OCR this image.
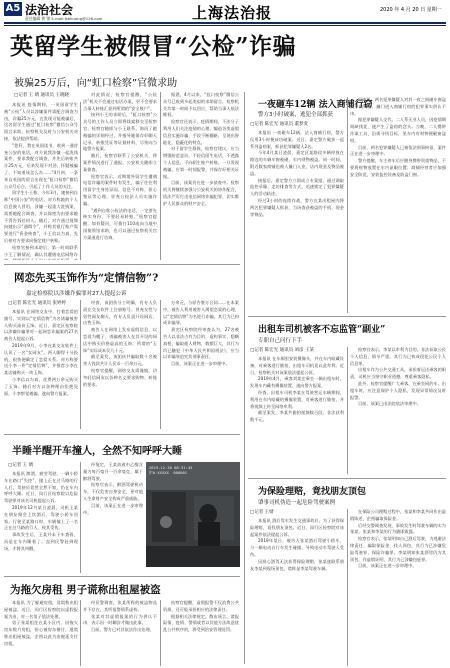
A5 法治社会
责任编辑 黄 锦 E-mail:lsbhuang@126.com	上海法治报	2020 年 4 月 20 日 星期一
英留学生被假冒“公检”诈骗
被骗25万后，向“虹口检察”官微求助
□记者 王 婧 通讯员 王晓晓

本报讯 疫情期间，一英国留学生被“公检”人员以涉嫌案件需配合调查为由，诈骗25万元，在发现可能被骗后，这名留学生通过“虹口检察”微信公众号留言求助，检察机关及时与公安机关对接，依法提供帮助。

“您好，我在英国读书，收到一通冒充公安的电话，对方说我涉嫌一起洗钱案件，要求我配合调查，并先后转账共计25万元，后来发现不对劲，怀疑被骗了，不知道该怎么办……”4月初，一条来自英国的留言出现在“虹口检察”微信公众号后台，引起了工作人员的关注。

留学生小王称，今年3月，她接到自称“中国公安”的电话，对方称她的个人信息被人冒用，涉嫌一起重大洗钱案，需要她配合调查，并以保密为由要求她不得告诉任何人。随后，对方通过视频向她出示“通缉令”，并称其银行账户需要进行“资金核查”，小王信以为真，先后按对方要求向指定账户转账。

检察官接到求助后，第一时间联系小王了解情况，确认其遭遇电信网络诈

对此情况，检察官提醒，“公检法”机关不会通过电话办案，更不会要求当事人转账汇款到所谓的“安全账户”。

接到小王的求助后，“虹口检察”公众号的工作人员立即将线索移交至检察官，检察官随即与小王联系，询问了她被骗的详细经过，并指导她保存好聊天记录、转账凭证等证据材料，尽快向当地警方报案。

随后，检察官联系了公安机关，将案件情况进行了通报。公安机关随即立案侦查。

检察官表示，近期境外留学生遭遇电信诈骗的案件时有发生，骗子往往利用留学生身处异国、信息不对称、担心签证等心理，冒充公检法人员实施诈骗。

“遇到自称公检法的电话，一定要先核实身份，不要轻易转账。”检察官提醒，如有疑问，可拨打110或向当地中国使领馆求助，也可以通过检察机关官方渠道进行咨询。

据悉，4月以来，“虹口检察”微信公众号已收到多起类似的求助留言，检察机关均第一时间予以回应，帮助当事人依法维权。

检察官还表示，疫情期间，不法分子利用人们关注疫情的心理，编造各类虚假信息实施诈骗，手段不断翻新，呈现出智能化、隐蔽化的特点。

对于留学生群体，检察官建议，应当增强防范意识，不轻信陌生电话，不透露个人信息，不向陌生账户转账。一旦发现被骗，应第一时间报警，并保存好相关证据。

目前，该案仍在进一步侦查中。检察机关将继续加强与公安机关的协作配合，依法严厉打击电信网络诈骗犯罪，切实维护人民群众的财产安全。

一夜砸车12辆 法入商铺行窃
警方3小时破案，逃犯全部抓获
□记者 陈宏光 通讯员 董梦麦

本报讯 一夜砸车12辆，法入商铺行窃，警方仅用3小时便成功破案。近日，嘉定警方破获一起系列盗窃案，抓获犯罪嫌疑人2名。

今年4月某日凌晨，嘉定区某路段多辆停放在路边的车辆车窗被砸，车内财物被盗。同一时间，附近数家商铺也被人撬门入室，店内现金及物品被盗。

接报后，嘉定警方立即成立专案组，通过调取监控录像、走访排查等方式，迅速锁定了犯罪嫌疑人的活动轨迹。

经过3小时的连续作战，警方在某出租屋内将两名犯罪嫌疑人抓获，当场查获被盗的手机、现金等物品。

经审讯，两名犯罪嫌疑人对其一夜之间砸车窗盗窃车内财物、撬门进入商铺行窃的犯罪事实供认不讳。

据犯罪嫌疑人交代，二人系无业人员，因疫情期间缺钱花，遂产生了盗窃的念头。当晚，二人携带作案工具，沿街寻找目标，见车内有财物便砸窗盗窃。

目前，两名犯罪嫌疑人已被依法刑事拘留，案件正在进一步审理中。

警方提醒，车主停车后应随身携带贵重物品，不要将财物放置在车内显眼位置；商铺经营者应加强安全防范，安装监控设备及防盗门窗。

网恋先买玉饰作为“定情信物”?
嘉定检察院以涉嫌诈骗罪对27人提起公诉
□记者 陈宏光 通讯员 张婷婷

本报讯 在网络交友中，打着恋爱的旗号，实则以“定情信物”为名诱骗被害人购买高价玉饰。近日，嘉定区检察院以涉嫌诈骗罪对一起网恋诈骗案的27名被告人提起公诉。

2019年9月，小李在某交友软件上认识了一名“女网友”，两人聊得十分投机，很快便确定了恋爱关系。对方称要送小李一件“定情信物”，并推荐小李在某店铺购买一块玉饰。

小李信以为真，花费两万余元购买了玉饰。随后对方以各种理由拒绝见面，小李察觉被骗，遂向警方报案。

经查，该团伙分工明确，有专人负责在交友软件上注册账号、冒充女性与男性网友聊天，有专人负责开设网店、出售玉饰。

被告人在网络上发布虚假信息，以恋爱为幌子，诱骗被害人在其开设的网店中购买价格虚高的玉饰，所谓的“玉饰”实际成本仅几十元。

截至案发，该团伙共骗取数十名被害人钱款共计人民币一百余万元。

检察官提醒，网络交友需谨慎，切勿轻信网友以各种名义要求购物、转账的要求。

万余元，与原告签订合同……在本案中，被告人利用被害人渴望恋爱的心理，以“定情信物”为名进行诈骗，其行为已构成诈骗罪。

嘉定区检察院经审查认为，27名被告人以非法占有为目的，虚构事实、隐瞒真相，骗取他人财物，数额巨大，其行为均已触犯《中华人民共和国刑法》，应当以诈骗罪追究其刑事责任。

目前，该案正在进一步审理中。

半睡半醒开车撞人，全然不知呼呼大睡
□记者 王 婧

本报讯 醉酒、疲劳驾驶，一辆小轿车在路口“失控”，撞上正在过马路的行人后，驾驶员竟然全然不知，仍在车内呼呼大睡。近日，闵行区检察院以危险驾驶罪对该名司机提起公诉。

2019年12月某日凌晨，司机王某在朋友聚会上饮酒后，驾驶小轿车回家，行驶至某路口时，车辆撞上了一名正在过马路的行人，致其受伤。

事故发生后，王某并未下车查看，而是在车内睡着了。直到民警赶到现场，才将其叫醒。

经鉴定，王某血液中乙醇含量为每百毫升一百余毫克，属于醉酒驾驶。

检察官表示，醉酒驾驶机动车，不仅危害自身安全，更对他人生命财产安全构成严重威胁。

目前，该案正在进一步审理中。

2019-12-30 08:31:45
沪A·XXXXX  000001
为拖欠房租 男子谎称出租屋被盗

本报讯 为了躲避房租，竟谎称出租屋被盗。近日，闵行区检察院以虚假报案为由，对一名男子依法处理。

男子张某租住在某小区内，因拖欠房东数月房租，担心被房东催讨，遂谎称出租屋被盗，企图以此为由拖延支付房租。

经民警调查，张某所称的被盗物品并不存在，其所报警情系虚构。

张某对其虚假报案的行为供认不讳，表示因一时糊涂才做出此事。

目前，警方已对其依法作出处理。

检察官提醒，虚假报警不仅浪费公共资源，还可能承担相应的法律责任。

根据相关法律规定，散布谣言、谎报险情、疫情、警情或者以其他方法故意扰乱公共秩序的，将受到治安管理处罚。

出租车司机被客不忘监管“副业”
专职自己问行下手
□记者 陈宏光 通讯员 刘彦 王某

本报讯 在车厢里安装摄像头，并在车内暗藏设备，对乘客进行偷拍，出租车司机竟以此牟利。近日，检察机关对该案依法提起公诉。

2019年4月，乘客刘某在乘坐一辆出租车时，发现车内藏有摄像装置，遂向警方报案。

经查，出租车司机李某在驾驶营运车辆期间，利用在车内暗藏的摄像装置，对乘客进行偷拍，并将视频上传至网络牟利。

截至案发，李某共偷拍视频数百段，非法获利数千元。

检察官表示，李某以牟利为目的，非法获取公民个人信息，情节严重，其行为已构成侵犯公民个人信息罪。

出租车作为公共交通工具，承担着运送乘客的职责，司机应当恪守职业道德，尊重乘客隐私。

此外，检察官提醒广大乘客，在乘坐网约车、出租车时，应注意保护个人隐私，发现异常情况及时报警。

目前，该案已由法院依法审理中。

为保险理赔，竟找朋友顶包
肇事司机伪造一起危险驾驶案例
□记者 王婧

本报讯 酒后驾车发生交通事故后，为了获得保险理赔，竟找朋友顶包。近日，闵行区检察院对该起案件依法提起公诉。

2019年某日，被告人张某酒后驾驶小轿车，与一辆电动自行车发生碰撞，导致电动车驾驶人受伤。

因担心酒驾无法获得保险理赔，张某遂联系朋友李某到现场顶包，谎称是李某驾驶车辆。

在保险公司理赔过程中，张某和李某共同作出虚假陈述，企图骗取保险金。

后经交警调查发现，事故发生时驾驶车辆的实为张某，张某和李某的行为随即败露。

检察官表示，张某明知自己酒后驾驶，为逃避法律责任、骗取保险金，找人顶包，其行为已涉嫌危险驾驶罪、保险诈骗罪。李某明知张某酒驾仍为其顶包，作虚假证明，其行为已涉嫌包庇罪。

目前，该案正在进一步审理中。
